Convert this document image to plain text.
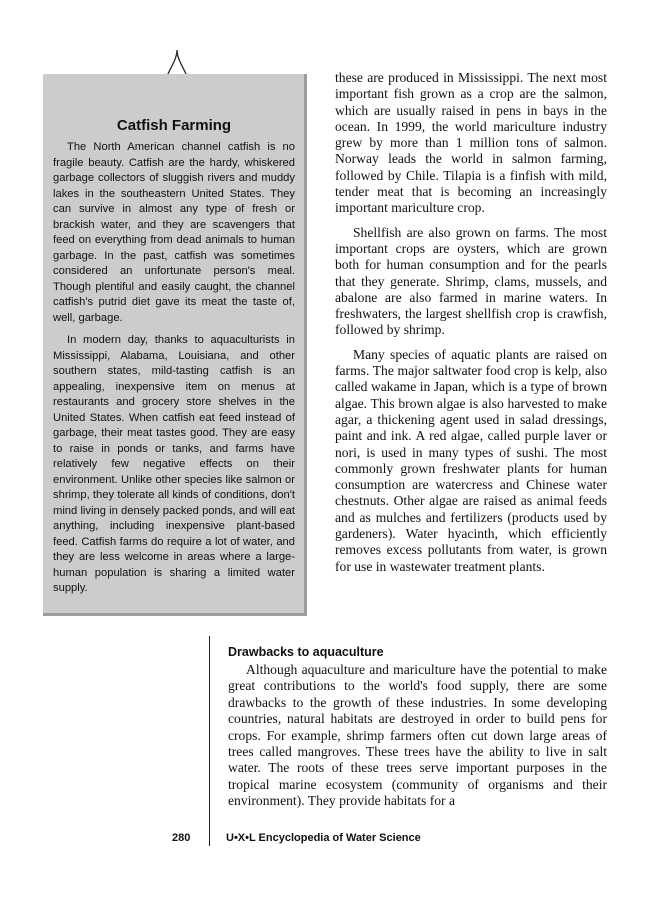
Catfish Farming

The North American channel catfish is no fragile beauty. Catfish are the hardy, whiskered garbage collectors of sluggish rivers and muddy lakes in the southeastern United States. They can survive in almost any type of fresh or brackish water, and they are scavengers that feed on everything from dead animals to human garbage. In the past, catfish was sometimes considered an unfortunate person's meal. Though plentiful and easily caught, the channel catfish's putrid diet gave its meat the taste of, well, garbage.

In modern day, thanks to aquaculturists in Mississippi, Alabama, Louisiana, and other southern states, mild-tasting catfish is an appealing, inexpensive item on menus at restaurants and grocery store shelves in the United States. When catfish eat feed instead of garbage, their meat tastes good. They are easy to raise in ponds or tanks, and farms have relatively few negative effects on their environment. Unlike other species like salmon or shrimp, they tolerate all kinds of conditions, don't mind living in densely packed ponds, and will eat anything, including inexpensive plant-based feed. Catfish farms do require a lot of water, and they are less welcome in areas where a large-human population is sharing a limited water supply.

these are produced in Mississippi. The next most important fish grown as a crop are the salmon, which are usually raised in pens in bays in the ocean. In 1999, the world mariculture industry grew by more than 1 million tons of salmon. Norway leads the world in salmon farming, followed by Chile. Tilapia is a finfish with mild, tender meat that is becoming an increasingly important mariculture crop.

Shellfish are also grown on farms. The most important crops are oysters, which are grown both for human consumption and for the pearls that they generate. Shrimp, clams, mussels, and abalone are also farmed in marine waters. In freshwaters, the largest shellfish crop is crawfish, followed by shrimp.

Many species of aquatic plants are raised on farms. The major saltwater food crop is kelp, also called wakame in Japan, which is a type of brown algae. This brown algae is also harvested to make agar, a thickening agent used in salad dressings, paint and ink. A red algae, called purple laver or nori, is used in many types of sushi. The most commonly grown freshwater plants for human consumption are watercress and Chinese water chestnuts. Other algae are raised as animal feeds and as mulches and fertilizers (products used by gardeners). Water hyacinth, which efficiently removes excess pollutants from water, is grown for use in wastewater treatment plants.

Drawbacks to aquaculture

Although aquaculture and mariculture have the potential to make great contributions to the world's food supply, there are some drawbacks to the growth of these industries. In some developing countries, natural habitats are destroyed in order to build pens for crops. For example, shrimp farmers often cut down large areas of trees called mangroves. These trees have the ability to live in salt water. The roots of these trees serve important purposes in the tropical marine ecosystem (community of organisms and their environment). They provide habitats for a

280	U•X•L Encyclopedia of Water Science
